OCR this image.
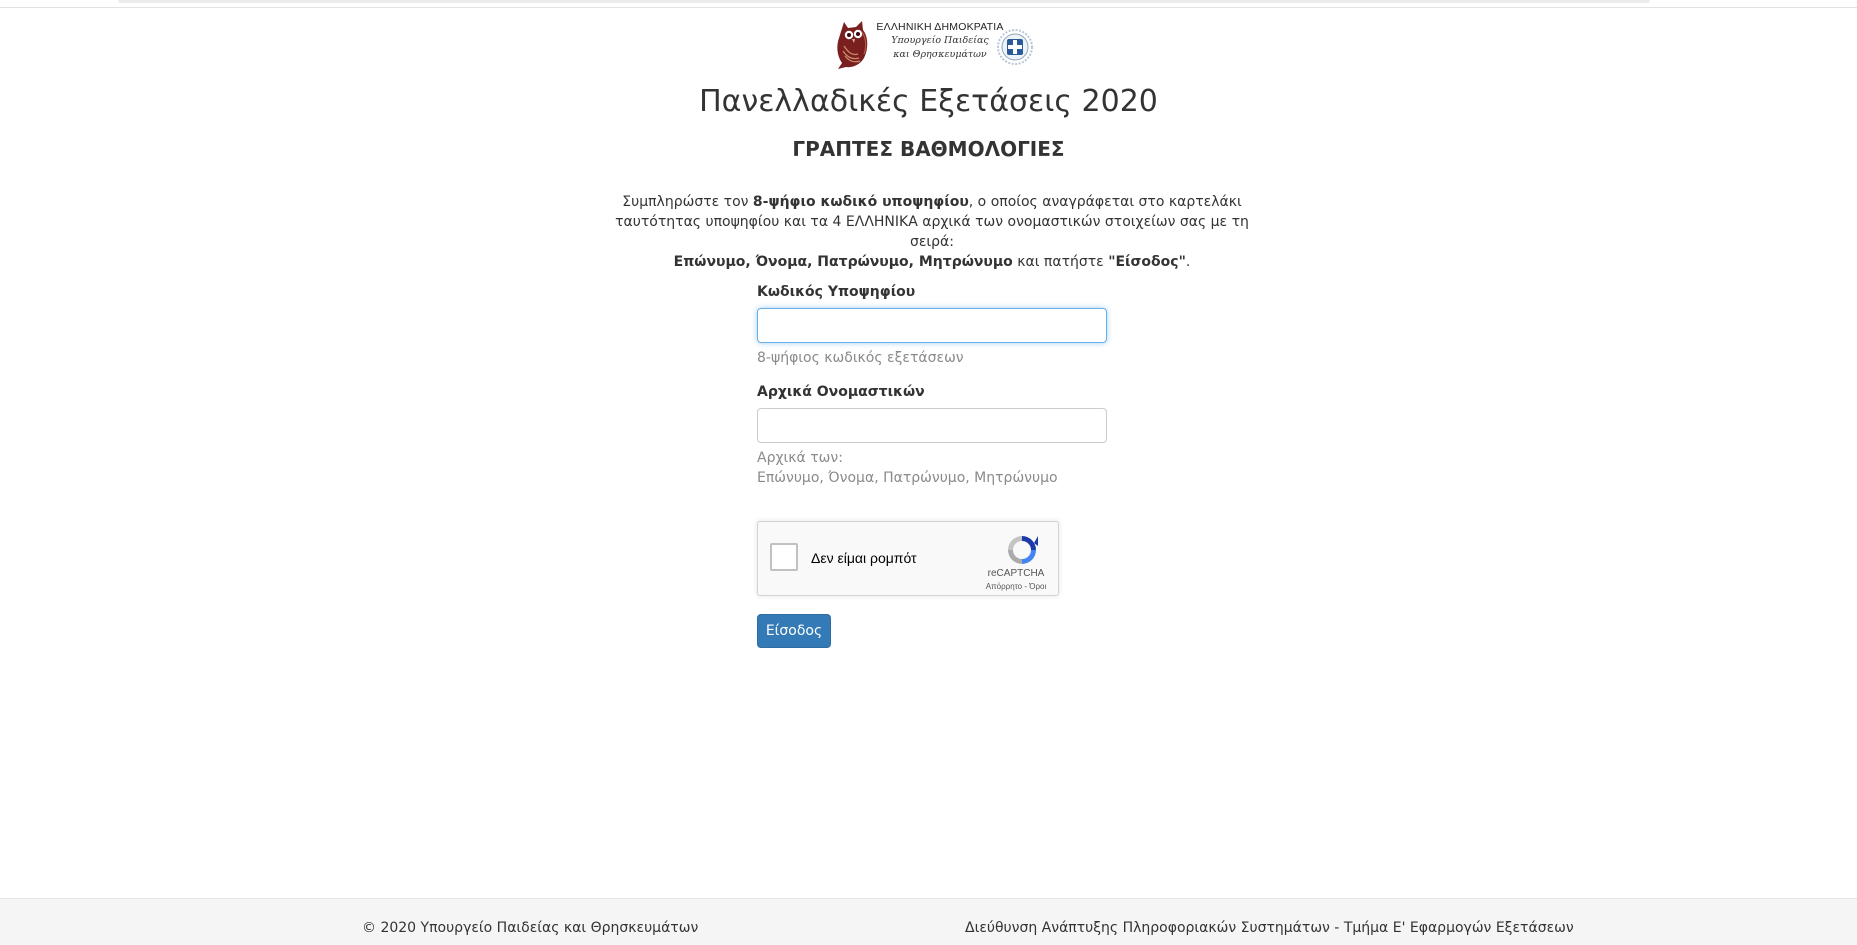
ΕΛΛΗΝΙΚΗ ΔΗΜΟΚΡΑΤΙΑ
Υπουργείο Παιδείας
και Θρησκευμάτων
Πανελλαδικές Εξετάσεις 2020
ΓΡΑΠΤΕΣ ΒΑΘΜΟΛΟΓΙΕΣ
Συμπληρώστε τον 8-ψήφιο κωδικό υποψηφίου, ο οποίος αναγράφεται στο καρτελάκι ταυτότητας υποψηφίου και τα 4 ΕΛΛΗΝΙΚΑ αρχικά των ονομαστικών στοιχείων σας με τη σειρά:
Επώνυμο, Όνομα, Πατρώνυμο, Μητρώνυμο και πατήστε "Είσοδος".
Κωδικός Υποψηφίου
8-ψήφιος κωδικός εξετάσεων
Αρχικά Ονομαστικών
Αρχικά των:
Επώνυμο, Όνομα, Πατρώνυμο, Μητρώνυμο
Δεν είμαι ρομπότ
reCAPTCHA
Απόρρητο - Όροι
Είσοδος
© 2020 Υπουργείο Παιδείας και Θρησκευμάτων	Διεύθυνση Ανάπτυξης Πληροφοριακών Συστημάτων - Τμήμα Ε' Εφαρμογών Εξετάσεων
